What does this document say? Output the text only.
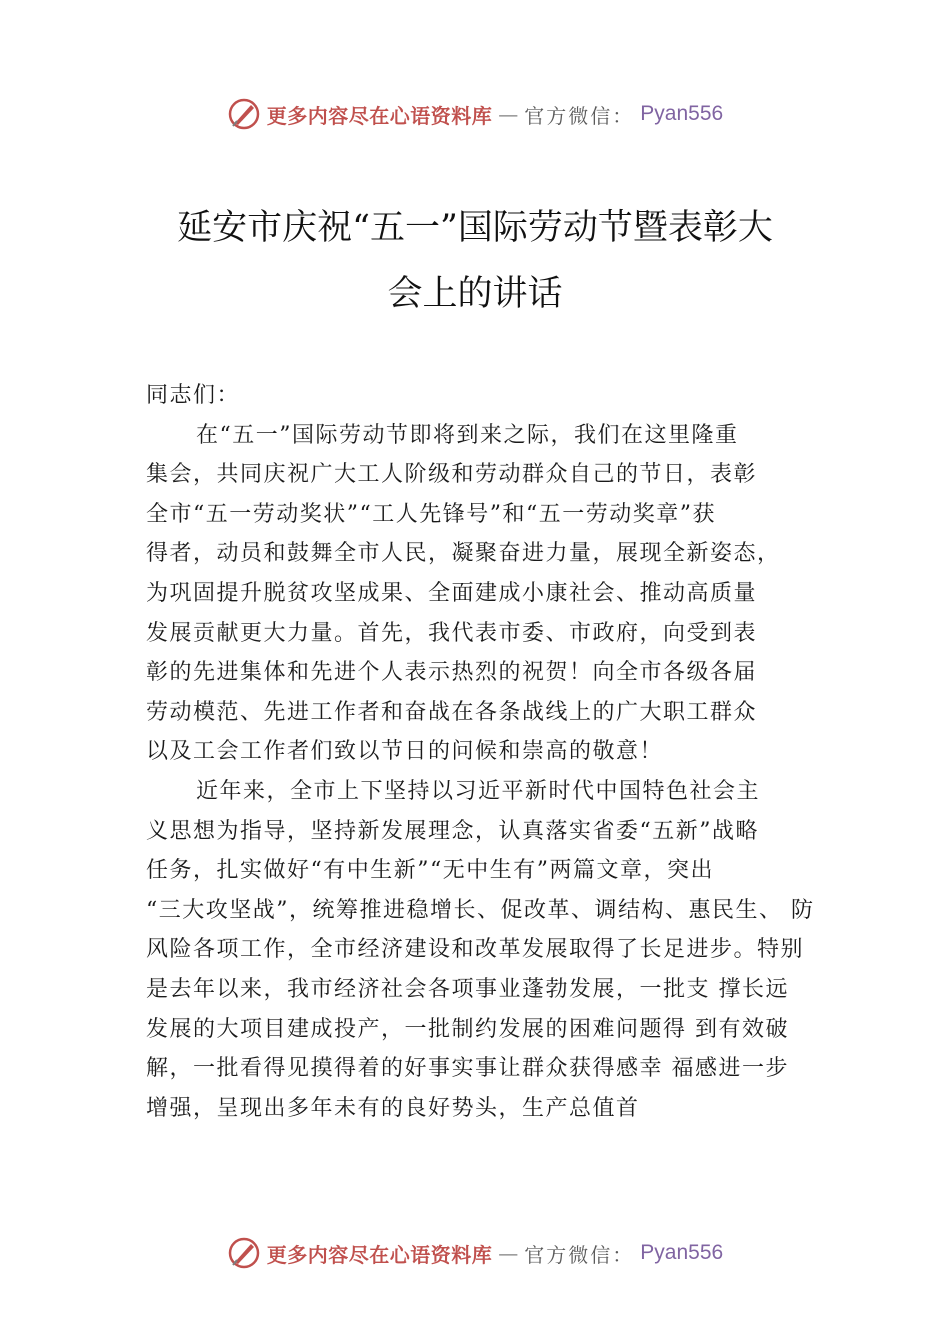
更多内容尽在心语资料库 — 官方微信： Pyan556
延安市庆祝“五一”国际劳动节暨表彰大
会上的讲话
同志们：
在“五一”国际劳动节即将到来之际，我们在这里隆重
集会，共同庆祝广大工人阶级和劳动群众自己的节日，表彰
全市“五一劳动奖状”“工人先锋号”和“五一劳动奖章”获
得者，动员和鼓舞全市人民，凝聚奋进力量，展现全新姿态，
为巩固提升脱贫攻坚成果、全面建成小康社会、推动高质量
发展贡献更大力量。首先，我代表市委、市政府，向受到表
彰的先进集体和先进个人表示热烈的祝贺！向全市各级各届
劳动模范、先进工作者和奋战在各条战线上的广大职工群众
以及工会工作者们致以节日的问候和崇高的敬意！
近年来，全市上下坚持以习近平新时代中国特色社会主
义思想为指导，坚持新发展理念，认真落实省委“五新”战略
任务，扎实做好“有中生新”“无中生有”两篇文章，突出
“三大攻坚战”，统筹推进稳增长、促改革、调结构、惠民生、 防
风险各项工作，全市经济建设和改革发展取得了长足进步。特别
是去年以来，我市经济社会各项事业蓬勃发展，一批支 撑长远
发展的大项目建成投产，一批制约发展的困难问题得 到有效破
解，一批看得见摸得着的好事实事让群众获得感幸 福感进一步
增强，呈现出多年未有的良好势头，生产总值首
更多内容尽在心语资料库 — 官方微信： Pyan556
